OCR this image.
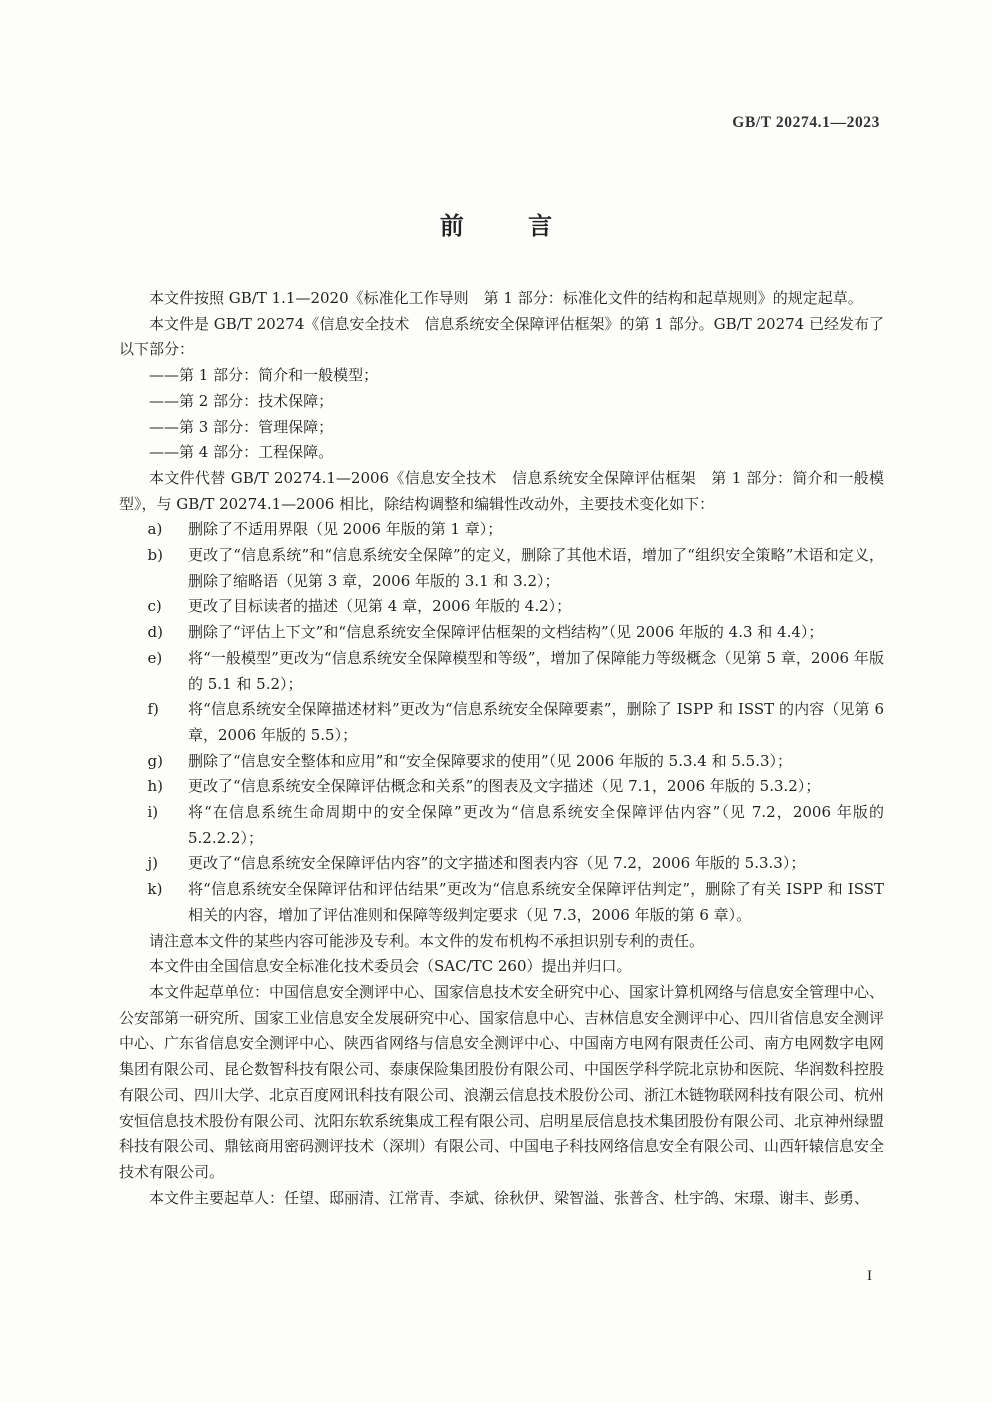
GB/T 20274.1—2023
前 言

本文件按照 GB/T 1.1—2020《标准化工作导则　第 1 部分：标准化文件的结构和起草规则》的规定起草。

本文件是 GB/T 20274《信息安全技术　信息系统安全保障评估框架》的第 1 部分。GB/T 20274 已经发布了以下部分：

——第 1 部分：简介和一般模型；

——第 2 部分：技术保障；

——第 3 部分：管理保障；

——第 4 部分：工程保障。

本文件代替 GB/T 20274.1—2006《信息安全技术　信息系统安全保障评估框架　第 1 部分：简介和一般模型》，与 GB/T 20274.1—2006 相比，除结构调整和编辑性改动外，主要技术变化如下：

a)	删除了不适用界限（见 2006 年版的第 1 章）；
b)	更改了“信息系统”和“信息系统安全保障”的定义，删除了其他术语，增加了“组织安全策略”术语和定义，删除了缩略语（见第 3 章，2006 年版的 3.1 和 3.2）；
c)	更改了目标读者的描述（见第 4 章，2006 年版的 4.2）；
d)	删除了“评估上下文”和“信息系统安全保障评估框架的文档结构”（见 2006 年版的 4.3 和 4.4）；
e)	将“一般模型”更改为“信息系统安全保障模型和等级”，增加了保障能力等级概念（见第 5 章，2006 年版的 5.1 和 5.2）；
f)	将“信息系统安全保障描述材料”更改为“信息系统安全保障要素”，删除了 ISPP 和 ISST 的内容（见第 6 章，2006 年版的 5.5）；
g)	删除了“信息安全整体和应用”和“安全保障要求的使用”（见 2006 年版的 5.3.4 和 5.5.3）；
h)	更改了“信息系统安全保障评估概念和关系”的图表及文字描述（见 7.1，2006 年版的 5.3.2）；
i)	将“在信息系统生命周期中的安全保障”更改为“信息系统安全保障评估内容”（见 7.2，2006 年版的 5.2.2.2）；
j)	更改了“信息系统安全保障评估内容”的文字描述和图表内容（见 7.2，2006 年版的 5.3.3）；
k)	将“信息系统安全保障评估和评估结果”更改为“信息系统安全保障评估判定”，删除了有关 ISPP 和 ISST 相关的内容，增加了评估准则和保障等级判定要求（见 7.3，2006 年版的第 6 章）。

请注意本文件的某些内容可能涉及专利。本文件的发布机构不承担识别专利的责任。

本文件由全国信息安全标准化技术委员会（SAC/TC 260）提出并归口。

本文件起草单位：中国信息安全测评中心、国家信息技术安全研究中心、国家计算机网络与信息安全管理中心、公安部第一研究所、国家工业信息安全发展研究中心、国家信息中心、吉林信息安全测评中心、四川省信息安全测评中心、广东省信息安全测评中心、陕西省网络与信息安全测评中心、中国南方电网有限责任公司、南方电网数字电网集团有限公司、昆仑数智科技有限公司、泰康保险集团股份有限公司、中国医学科学院北京协和医院、华润数科控股有限公司、四川大学、北京百度网讯科技有限公司、浪潮云信息技术股份公司、浙江木链物联网科技有限公司、杭州安恒信息技术股份有限公司、沈阳东软系统集成工程有限公司、启明星辰信息技术集团股份有限公司、北京神州绿盟科技有限公司、鼎铉商用密码测评技术（深圳）有限公司、中国电子科技网络信息安全有限公司、山西轩辕信息安全技术有限公司。

本文件主要起草人：任望、邸丽清、江常青、李斌、徐秋伊、梁智溢、张普含、杜宇鸽、宋璟、谢丰、彭勇、

I
